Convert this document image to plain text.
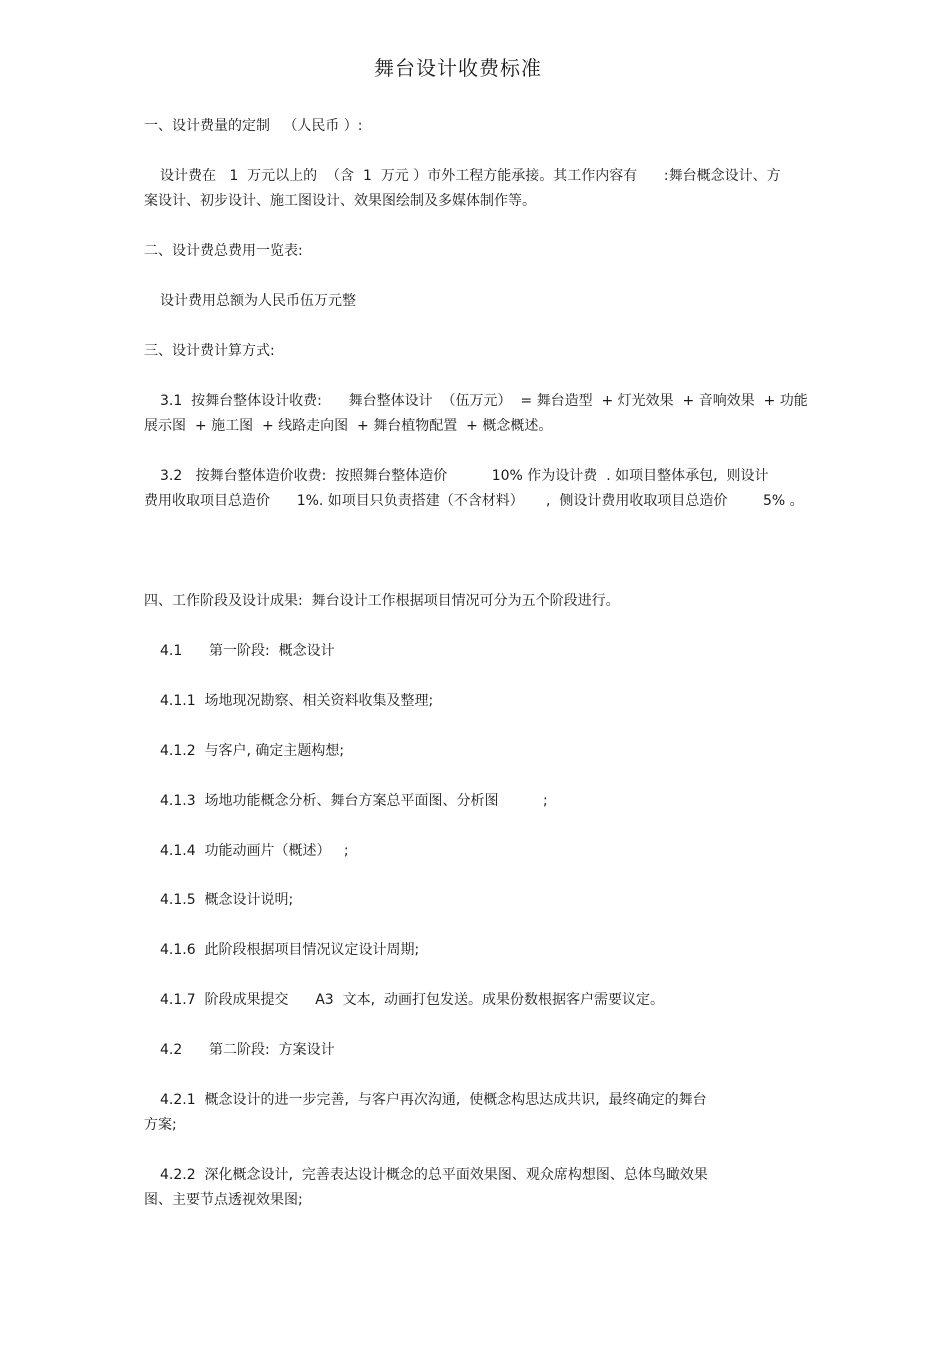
舞台设计收费标准
一、设计费量的定制   （人民币 ）:
设计费在   1  万元以上的  （含  1  万元 ）市外工程方能承接。其工作内容有      :舞台概念设计、方
案设计、初步设计、施工图设计、效果图绘制及多媒体制作等。
二、设计费总费用一览表:
设计费用总额为人民币伍万元整
三、设计费计算方式:
3.1  按舞台整体设计收费:      舞台整体设计  （伍万元）  = 舞台造型  + 灯光效果  + 音响效果  + 功能
展示图  + 施工图  + 线路走向图  + 舞台植物配置  + 概念概述。
3.2   按舞台整体造价收费:  按照舞台整体造价          10% 作为设计费  . 如项目整体承包,  则设计
费用收取项目总造价      1%. 如项目只负责搭建（不含材料）     ,  侧设计费用收取项目总造价        5% 。
四、工作阶段及设计成果:  舞台设计工作根据项目情况可分为五个阶段进行。
4.1      第一阶段:  概念设计
4.1.1  场地现况勘察、相关资料收集及整理;
4.1.2  与客户, 确定主题构想;
4.1.3  场地功能概念分析、舞台方案总平面图、分析图          ;
4.1.4  功能动画片（概述）   ;
4.1.5  概念设计说明;
4.1.6  此阶段根据项目情况议定设计周期;
4.1.7  阶段成果提交      A3  文本,  动画打包发送。成果份数根据客户需要议定。
4.2      第二阶段:  方案设计
4.2.1  概念设计的进一步完善,  与客户再次沟通,  使概念构思达成共识,  最终确定的舞台
方案;
4.2.2  深化概念设计,  完善表达设计概念的总平面效果图、观众席构想图、总体鸟瞰效果
图、主要节点透视效果图;
